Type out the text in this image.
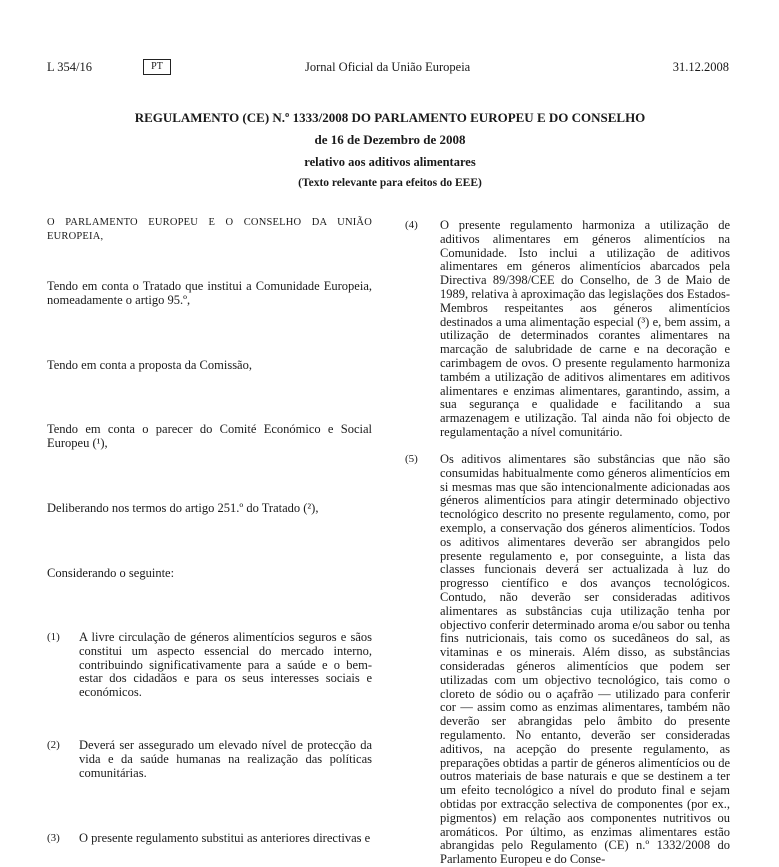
L 354/16	PT	Jornal Oficial da União Europeia	31.12.2008
REGULAMENTO (CE) N.º 1333/2008 DO PARLAMENTO EUROPEU E DO CONSELHO
de 16 de Dezembro de 2008
relativo aos aditivos alimentares
(Texto relevante para efeitos do EEE)
O PARLAMENTO EUROPEU E O CONSELHO DA UNIÃO EUROPEIA,
Tendo em conta o Tratado que institui a Comunidade Europeia, nomeadamente o artigo 95.º,
Tendo em conta a proposta da Comissão,
Tendo em conta o parecer do Comité Económico e Social Europeu (¹),
Deliberando nos termos do artigo 251.º do Tratado (²),
Considerando o seguinte:
(1) A livre circulação de géneros alimentícios seguros e sãos constitui um aspecto essencial do mercado interno, contribuindo significativamente para a saúde e o bem-estar dos cidadãos e para os seus interesses sociais e económicos.
(2) Deverá ser assegurado um elevado nível de protecção da vida e da saúde humanas na realização das políticas comunitárias.
(3) O presente regulamento substitui as anteriores directivas e
(4) O presente regulamento harmoniza a utilização de aditivos alimentares em géneros alimentícios na Comunidade. Isto inclui a utilização de aditivos alimentares em géneros alimentícios abarcados pela Directiva 89/398/CEE do Conselho, de 3 de Maio de 1989, relativa à aproximação das legislações dos Estados-Membros respeitantes aos géneros alimentícios destinados a uma alimentação especial (³) e, bem assim, a utilização de determinados corantes alimentares na marcação de salubridade de carne e na decoração e carimbagem de ovos. O presente regulamento harmoniza também a utilização de aditivos alimentares em aditivos alimentares e enzimas alimentares, garantindo, assim, a sua segurança e qualidade e facilitando a sua armazenagem e utilização. Tal ainda não foi objecto de regulamentação a nível comunitário.
(5) Os aditivos alimentares são substâncias que não são consumidas habitualmente como géneros alimentícios em si mesmas mas que são intencionalmente adicionadas aos géneros alimentícios para atingir determinado objectivo tecnológico descrito no presente regulamento, como, por exemplo, a conservação dos géneros alimentícios. Todos os aditivos alimentares deverão ser abrangidos pelo presente regulamento e, por conseguinte, a lista das classes funcionais deverá ser actualizada à luz do progresso científico e dos avanços tecnológicos. Contudo, não deverão ser consideradas aditivos alimentares as substâncias cuja utilização tenha por objectivo conferir determinado aroma e/ou sabor ou tenha fins nutricionais, tais como os sucedâneos do sal, as vitaminas e os minerais. Além disso, as substâncias consideradas géneros alimentícios que podem ser utilizadas com um objectivo tecnológico, tais como o cloreto de sódio ou o açafrão — utilizado para conferir cor — assim como as enzimas alimentares, também não deverão ser abrangidas pelo âmbito do presente regulamento. No entanto, deverão ser consideradas aditivos, na acepção do presente regulamento, as preparações obtidas a partir de géneros alimentícios ou de outros materiais de base naturais e que se destinem a ter um efeito tecnológico a nível do produto final e sejam obtidas por extracção selectiva de componentes (por ex., pigmentos) em relação aos componentes nutritivos ou aromáticos. Por último, as enzimas alimentares estão abrangidas pelo Regulamento (CE) n.º 1332/2008 do Parlamento Europeu e do Conse-
